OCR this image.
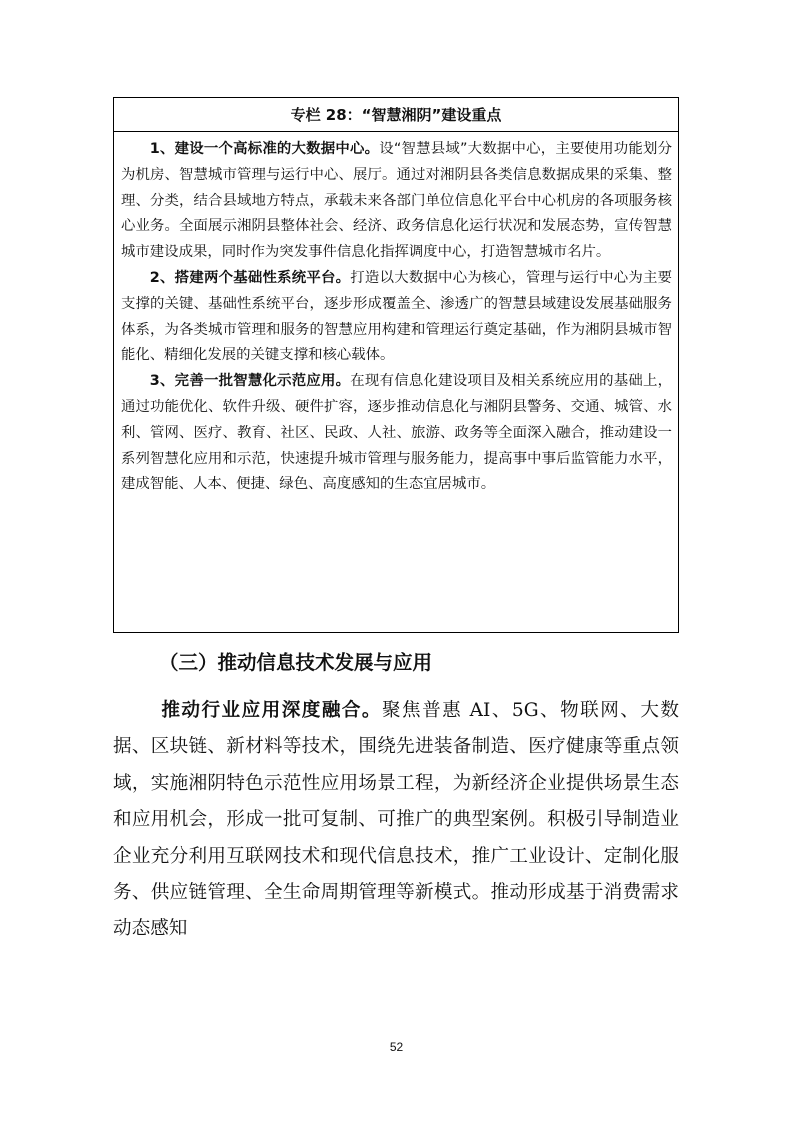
专栏 28：“智慧湘阴”建设重点

1、建设一个高标准的大数据中心。设“智慧县域”大数据中心，主要使用功能划分为机房、智慧城市管理与运行中心、展厅。通过对湘阴县各类信息数据成果的采集、整理、分类，结合县域地方特点，承载未来各部门单位信息化平台中心机房的各项服务核心业务。全面展示湘阴县整体社会、经济、政务信息化运行状况和发展态势，宣传智慧城市建设成果，同时作为突发事件信息化指挥调度中心，打造智慧城市名片。

2、搭建两个基础性系统平台。打造以大数据中心为核心，管理与运行中心为主要支撑的关键、基础性系统平台，逐步形成覆盖全、渗透广的智慧县域建设发展基础服务体系，为各类城市管理和服务的智慧应用构建和管理运行奠定基础，作为湘阴县城市智能化、精细化发展的关键支撑和核心载体。

3、完善一批智慧化示范应用。在现有信息化建设项目及相关系统应用的基础上，通过功能优化、软件升级、硬件扩容，逐步推动信息化与湘阴县警务、交通、城管、水利、管网、医疗、教育、社区、民政、人社、旅游、政务等全面深入融合，推动建设一系列智慧化应用和示范，快速提升城市管理与服务能力，提高事中事后监管能力水平，建成智能、人本、便捷、绿色、高度感知的生态宜居城市。

（三）推动信息技术发展与应用

推动行业应用深度融合。聚焦普惠 AI、5G、物联网、大数据、区块链、新材料等技术，围绕先进装备制造、医疗健康等重点领域，实施湘阴特色示范性应用场景工程，为新经济企业提供场景生态和应用机会，形成一批可复制、可推广的典型案例。积极引导制造业企业充分利用互联网技术和现代信息技术，推广工业设计、定制化服务、供应链管理、全生命周期管理等新模式。推动形成基于消费需求动态感知

52
